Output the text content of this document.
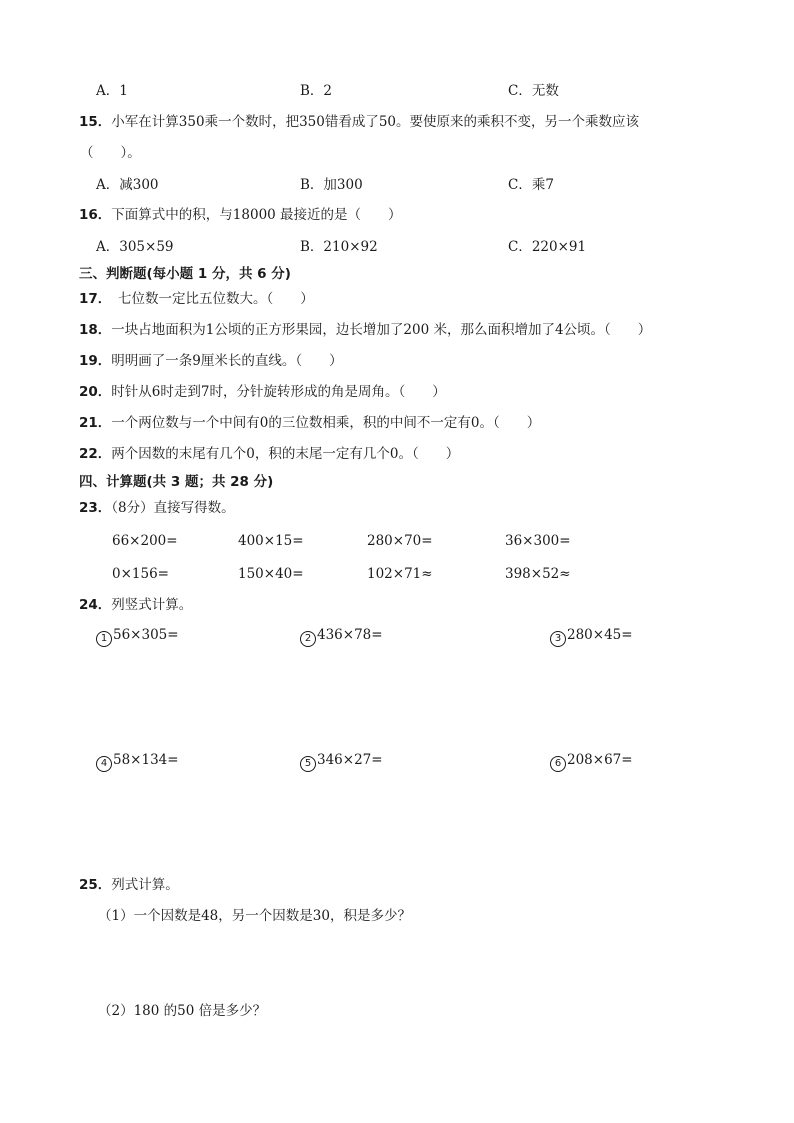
A．1	B．2	C．无数
15．小军在计算350乘一个数时，把350错看成了50。要使原来的乘积不变，另一个乘数应该
（　　）。
A．减300	B．加300	C．乘7
16．下面算式中的积，与18000 最接近的是（　　）
A．305×59	B．210×92	C．220×91
三、判断题(每小题 1 分，共 6 分)
17．　七位数一定比五位数大。（　　）
18．一块占地面积为1公顷的正方形果园，边长增加了200 米，那么面积增加了4公顷。（　　）
19．明明画了一条9厘米长的直线。（　　）
20．时针从6时走到7时，分针旋转形成的角是周角。（　　）
21．一个两位数与一个中间有0的三位数相乘，积的中间不一定有0。（　　）
22．两个因数的末尾有几个0，积的末尾一定有几个0。（　　）
四、计算题(共 3 题；共 28 分)
23．（8分）直接写得数。
66×200=	400×15=	280×70=	36×300=
0×156=	150×40=	102×71≈	398×52≈
24．列竖式计算。
1 56×305=	2 436×78=	3 280×45=
4 58×134=	5 346×27=	6 208×67=
25．列式计算。
（1）一个因数是48，另一个因数是30，积是多少？
（2）180 的50 倍是多少？
